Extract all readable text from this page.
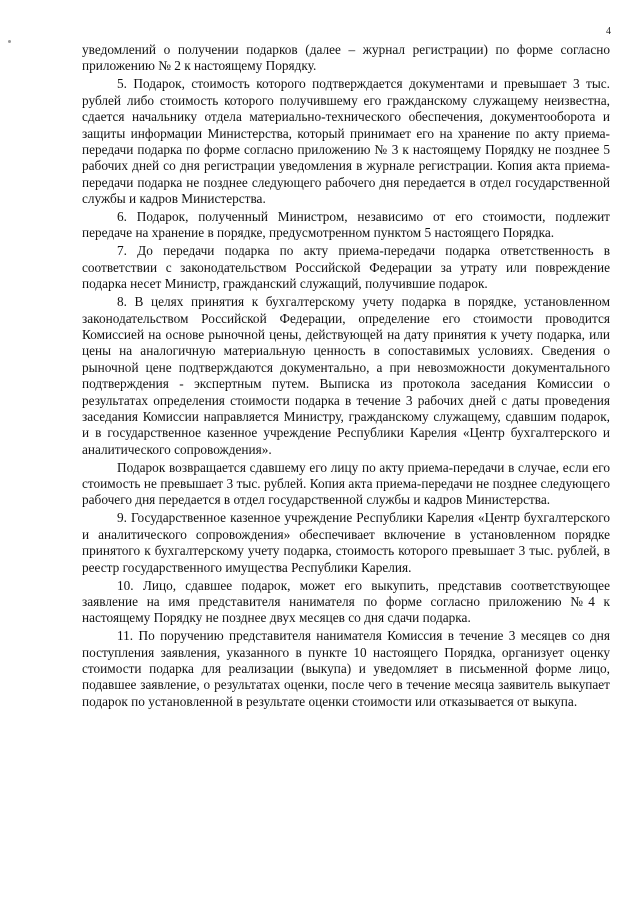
4

уведомлений о получении подарков (далее – журнал регистрации) по форме согласно приложению № 2 к настоящему Порядку.

5. Подарок, стоимость которого подтверждается документами и превышает 3 тыс. рублей либо стоимость которого получившему его гражданскому служащему неизвестна, сдается начальнику отдела материально-технического обеспечения, документооборота и защиты информации Министерства, который принимает его на хранение по акту приема-передачи подарка по форме согласно приложению № 3 к настоящему Порядку не позднее 5 рабочих дней со дня регистрации уведомления в журнале регистрации. Копия акта приема-передачи подарка не позднее следующего рабочего дня передается в отдел государственной службы и кадров Министерства.

6. Подарок, полученный Министром, независимо от его стоимости, подлежит передаче на хранение в порядке, предусмотренном пунктом 5 настоящего Порядка.

7. До передачи подарка по акту приема-передачи подарка ответственность в соответствии с законодательством Российской Федерации за утрату или повреждение подарка несет Министр, гражданский служащий, получившие подарок.

8. В целях принятия к бухгалтерскому учету подарка в порядке, установленном законодательством Российской Федерации, определение его стоимости проводится Комиссией на основе рыночной цены, действующей на дату принятия к учету подарка, или цены на аналогичную материальную ценность в сопоставимых условиях. Сведения о рыночной цене подтверждаются документально, а при невозможности документального подтверждения - экспертным путем. Выписка из протокола заседания Комиссии о результатах определения стоимости подарка в течение 3 рабочих дней с даты проведения заседания Комиссии направляется Министру, гражданскому служащему, сдавшим подарок, и в государственное казенное учреждение Республики Карелия «Центр бухгалтерского и аналитического сопровождения».

Подарок возвращается сдавшему его лицу по акту приема-передачи в случае, если его стоимость не превышает 3 тыс. рублей. Копия акта приема-передачи не позднее следующего рабочего дня передается в отдел государственной службы и кадров Министерства.

9. Государственное казенное учреждение Республики Карелия «Центр бухгалтерского и аналитического сопровождения» обеспечивает включение в установленном порядке принятого к бухгалтерскому учету подарка, стоимость которого превышает 3 тыс. рублей, в реестр государственного имущества Республики Карелия.

10. Лицо, сдавшее подарок, может его выкупить, представив соответствующее заявление на имя представителя нанимателя по форме согласно приложению №4 к настоящему Порядку не позднее двух месяцев со дня сдачи подарка.

11. По поручению представителя нанимателя Комиссия в течение 3 месяцев со дня поступления заявления, указанного в пункте 10 настоящего Порядка, организует оценку стоимости подарка для реализации (выкупа) и уведомляет в письменной форме лицо, подавшее заявление, о результатах оценки, после чего в течение месяца заявитель выкупает подарок по установленной в результате оценки стоимости или отказывается от выкупа.
